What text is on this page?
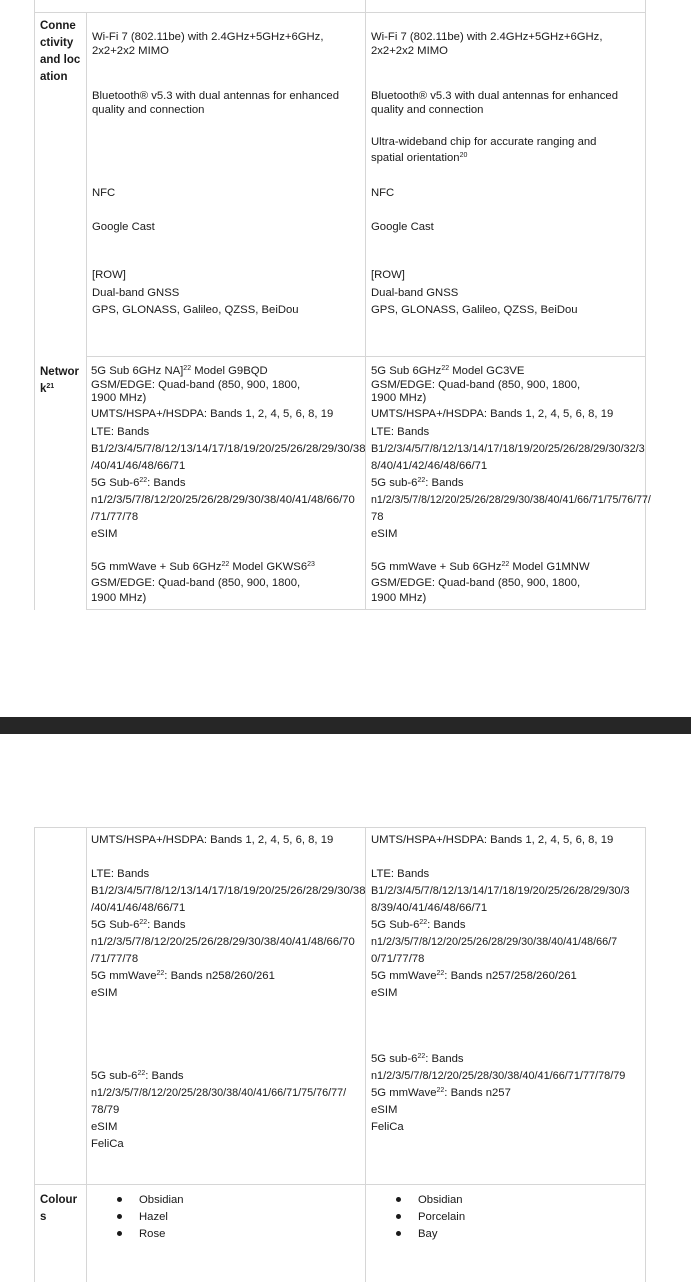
Connectivity and location
Wi-Fi 7 (802.11be) with 2.4GHz+5GHz+6GHz,
2x2+2x2 MIMO
Bluetooth® v5.3 with dual antennas for enhanced
quality and connection
NFC
Google Cast
[ROW]
Dual-band GNSS
GPS, GLONASS, Galileo, QZSS, BeiDou
Wi-Fi 7 (802.11be) with 2.4GHz+5GHz+6GHz,
2x2+2x2 MIMO
Bluetooth® v5.3 with dual antennas for enhanced
quality and connection
Ultra-wideband chip for accurate ranging and
spatial orientation$^{20}$
NFC
Google Cast
[ROW]
Dual-band GNSS
GPS, GLONASS, Galileo, QZSS, BeiDou
Network$^{21}$
5G Sub 6GHz NA]$^{22}$ Model G9BQD
GSM/EDGE: Quad-band (850, 900, 1800,
1900 MHz)
UMTS/HSPA+/HSDPA: Bands 1, 2, 4, 5, 6, 8, 19
LTE: Bands
B1/2/3/4/5/7/8/12/13/14/17/18/19/20/25/26/28/29/30/38
/40/41/46/48/66/71
5G Sub-$6^{22}$: Bands
n1/2/3/5/7/8/12/20/25/26/28/29/30/38/40/41/48/66/70
/71/77/78
eSIM
5G mmWave + Sub 6GHz$^{22}$ Model $GKWS6^{23}$
GSM/EDGE: Quad-band (850, 900, 1800,
1900 MHz)
5G Sub 6GHz$^{22}$ Model GC3VE
GSM/EDGE: Quad-band (850, 900, 1800,
1900 MHz)
UMTS/HSPA+/HSDPA: Bands 1, 2, 4, 5, 6, 8, 19
LTE: Bands
B1/2/3/4/5/7/8/12/13/14/17/18/19/20/25/26/28/29/30/32/3
8/40/41/42/46/48/66/71
5G sub-$6^{22}$: Bands
n1/2/3/5/7/8/12/20/25/26/28/29/30/38/40/41/66/71/75/76/77/
78
eSIM
5G mmWave + Sub 6GHz$^{22}$ Model G1MNW
GSM/EDGE: Quad-band (850, 900, 1800,
1900 MHz)
UMTS/HSPA+/HSDPA: Bands 1, 2, 4, 5, 6, 8, 19
LTE: Bands
B1/2/3/4/5/7/8/12/13/14/17/18/19/20/25/26/28/29/30/38
/40/41/46/48/66/71
5G Sub-$6^{22}$: Bands
n1/2/3/5/7/8/12/20/25/26/28/29/30/38/40/41/48/66/70
/71/77/78
5G mmWave$^{22}$: Bands n258/260/261
eSIM
5G sub-$6^{22}$: Bands
n1/2/3/5/7/8/12/20/25/28/30/38/40/41/66/71/75/76/77/
78/79
eSIM
FeliCa
UMTS/HSPA+/HSDPA: Bands 1, 2, 4, 5, 6, 8, 19
LTE: Bands
B1/2/3/4/5/7/8/12/13/14/17/18/19/20/25/26/28/29/30/3
8/39/40/41/46/48/66/71
5G Sub-$6^{22}$: Bands
n1/2/3/5/7/8/12/20/25/26/28/29/30/38/40/41/48/66/7
0/71/77/78
5G mmWave$^{22}$: Bands n257/258/260/261
eSIM
5G sub-$6^{22}$: Bands
n1/2/3/5/7/8/12/20/25/28/30/38/40/41/66/71/77/78/79
5G mmWave$^{22}$: Bands n257
eSIM
FeliCa
Colours
Obsidian
Hazel
Rose
Obsidian
Porcelain
Bay
